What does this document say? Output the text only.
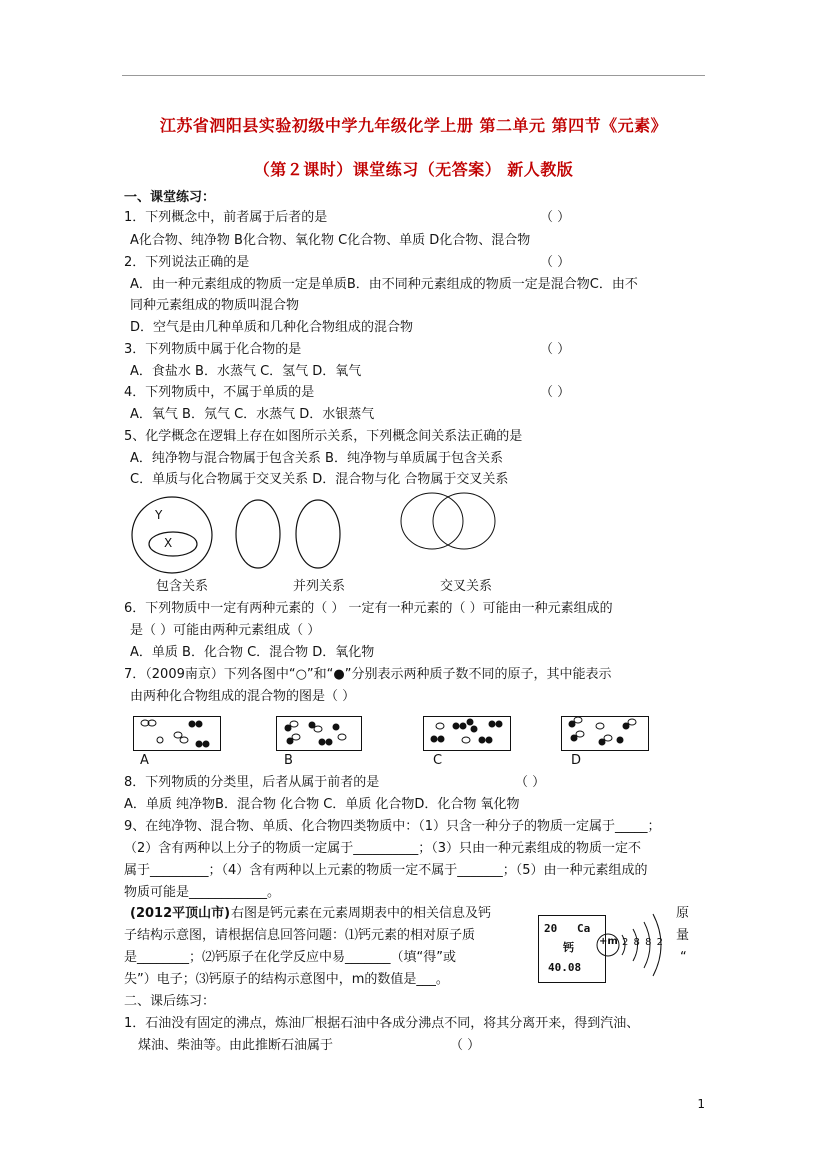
江苏省泗阳县实验初级中学九年级化学上册 第二单元 第四节《元素》
（第２课时）课堂练习（无答案） 新人教版
一、课堂练习：
1．下列概念中，前者属于后者的是	（ ）
A化合物、纯净物 B化合物、氧化物 C化合物、单质 D化合物、混合物
2．下列说法正确的是	（ ）
A．由一种元素组成的物质一定是单质B．由不同种元素组成的物质一定是混合物C．由不
同种元素组成的物质叫混合物
D．空气是由几种单质和几种化合物组成的混合物
3．下列物质中属于化合物的是	（ ）
A．食盐水 B．水蒸气 C．氢气 D．氧气
4．下列物质中，不属于单质的是	（ ）
A．氧气 B．氖气 C．水蒸气 D．水银蒸气
5、化学概念在逻辑上存在如图所示关系，下列概念间关系法正确的是
A．纯净物与混合物属于包含关系 B．纯净物与单质属于包含关系
C．单质与化合物属于交叉关系 D．混合物与化 合物属于交叉关系
Y
X
包含关系	并列关系	交叉关系
6．下列物质中一定有两种元素的（ ） 一定有一种元素的（ ）可能由一种元素组成的
是（ ）可能由两种元素组成（ ）
A．单质 B．化合物 C．混合物 D．氧化物
7．（2009南京）下列各图中“○”和“●”分别表示两种质子数不同的原子，其中能表示
由两种化合物组成的混合物的图是（ ）
A	B	C	D
8．下列物质的分类里，后者从属于前者的是	（ ）
A．单质 纯净物B．混合物 化合物 C．单质 化合物D．化合物 氧化物
9、在纯净物、混合物、单质、化合物四类物质中：（1）只含一种分子的物质一定属于_____；
（2）含有两种以上分子的物质一定属于__________；（3）只由一种元素组成的物质一定不
属于_________；（4）含有两种以上元素的物质一定不属于_______；（5）由一种元素组成的
物质可能是____________。
(2012平顶山市) 右图是钙元素在元素周期表中的相关信息及钙
子结构示意图，请根据信息回答问题：⑴钙元素的相对原子质
是________；⑵钙原子在化学反应中易_______（填“得”或
失”）电子；⑶钙原子的结构示意图中，m的数值是___。
原
量
“
20 Ca
钙
40.08
+m 2 8 8 2
二、课后练习：
1．石油没有固定的沸点，炼油厂根据石油中各成分沸点不同，将其分离开来，得到汽油、
煤油、柴油等。由此推断石油属于	（ ）
1
